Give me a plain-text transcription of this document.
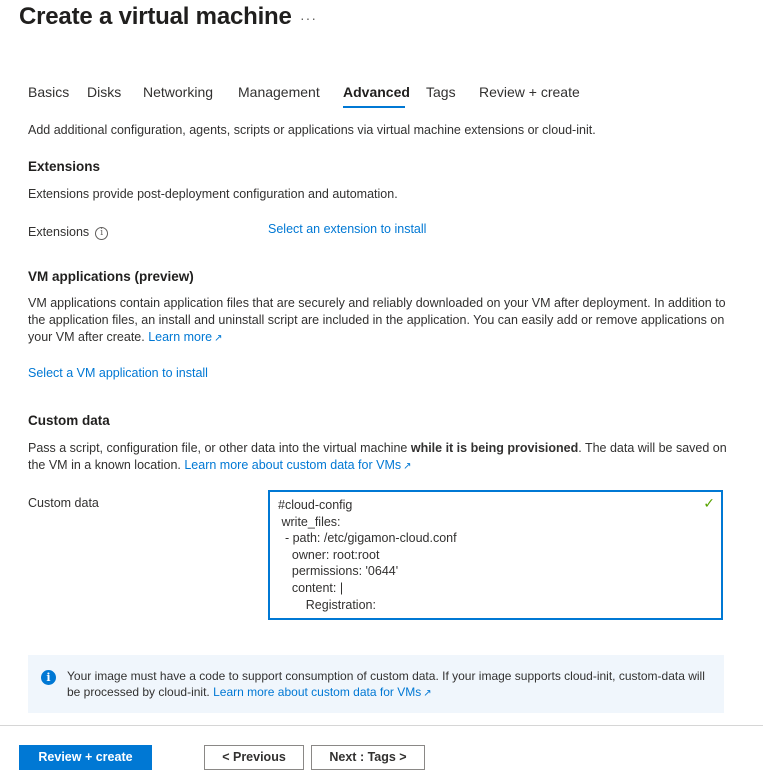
Create a virtual machine ···
Basics Disks Networking Management Advanced Tags Review + create
Add additional configuration, agents, scripts or applications via virtual machine extensions or cloud-init.
Extensions
Extensions provide post-deployment configuration and automation.
Extensions i	Select an extension to install
VM applications (preview)
VM applications contain application files that are securely and reliably downloaded on your VM after deployment. In addition to the application files, an install and uninstall script are included in the application. You can easily add or remove applications on your VM after create. Learn more ↗
Select a VM application to install
Custom data
Pass a script, configuration file, or other data into the virtual machine while it is being provisioned. The data will be saved on the VM in a known location. Learn more about custom data for VMs ↗
Custom data	#cloud-config
write_files:
- path: /etc/gigamon-cloud.conf
owner: root:root
permissions: '0644'
content: |
Registration:
✓
i	Your image must have a code to support consumption of custom data. If your image supports cloud-init, custom-data will be processed by cloud-init. Learn more about custom data for VMs ↗
Review + create	< Previous	Next : Tags >
